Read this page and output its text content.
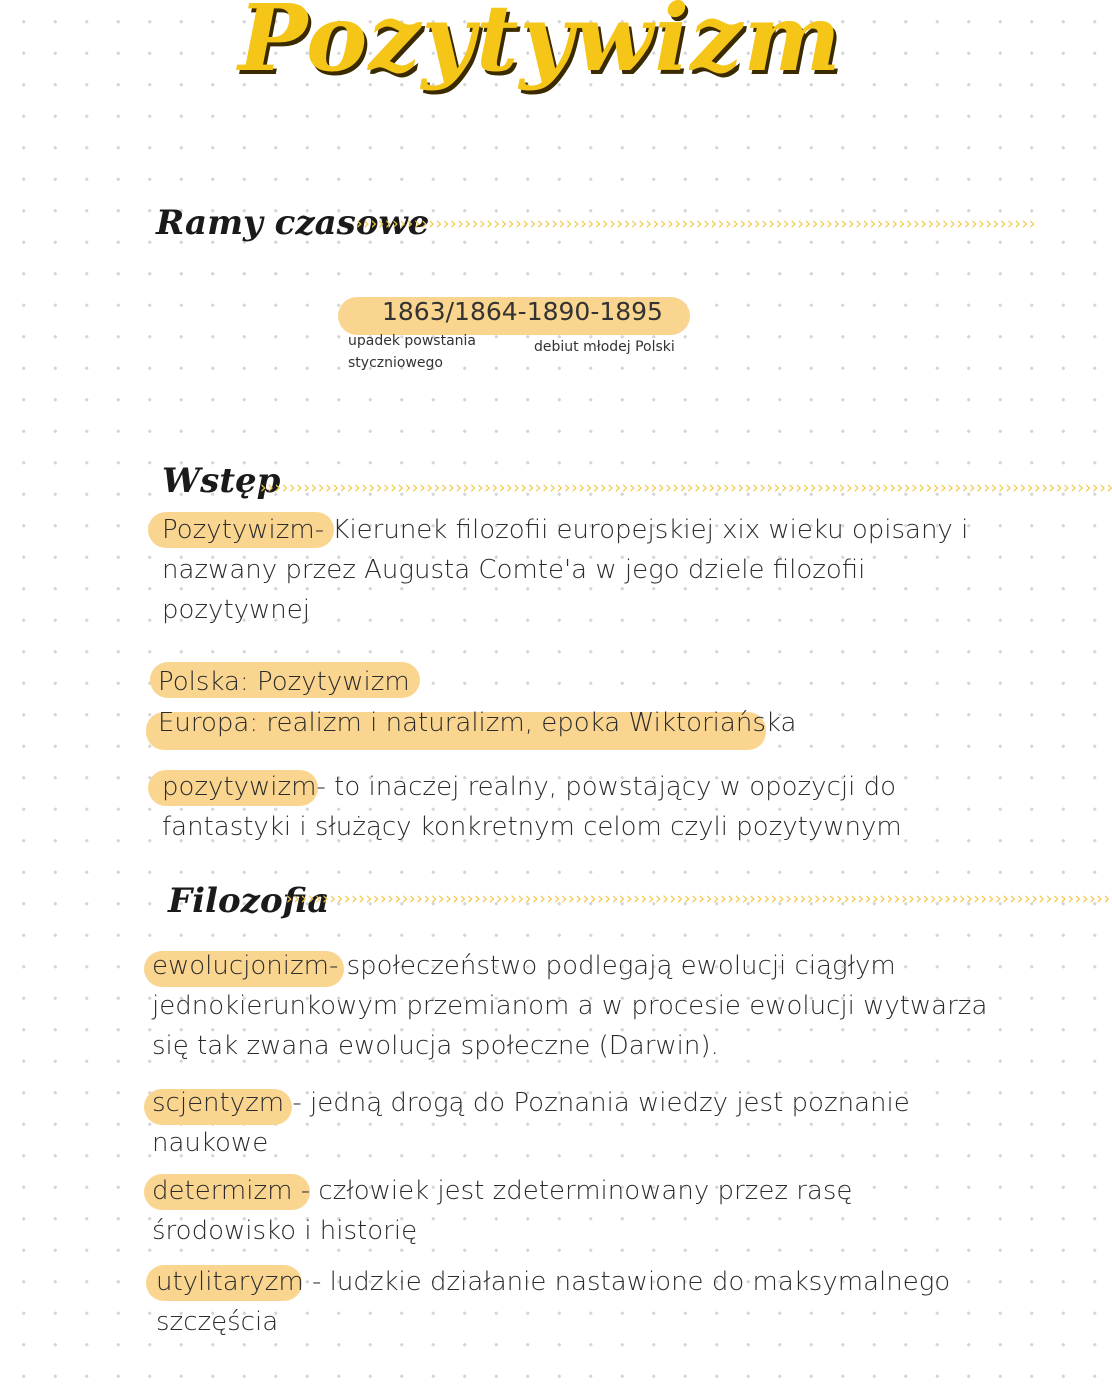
Pozytywizm
Ramy czasowe
››››››››››››››››››››››››››››››››››››››››››››››››››››››››››››››››››››››››››››››››››››››››››››››
1863/1864-1890-1895
upadek powstania
styczniowego
debiut młodej Polski
Wstęp
››››››››››››››››››››››››››››››››››››››››››››››››››››››››››››››››››››››››››››››››››››››››››››››››››››››››››››››››››››››
Pozytywizm- Kierunek filozofii europejskiej xix wieku opisany i
nazwany przez Augusta Comte'a w jego dziele filozofii
pozytywnej
Polska: Pozytywizm
Europa: realizm i naturalizm, epoka Wiktoriańska
pozytywizm- to inaczej realny, powstający w opozycji do
fantastyki i służący konkretnym celom czyli pozytywnym
Filozofia
››››››››››››››››››››››››››››››››››››››››››››››››››››››››››››››››››››››››››››››››››››››››››››››››››››››››››››››››››
ewolucjonizm- społeczeństwo podlegają ewolucji ciągłym
jednokierunkowym przemianom a w procesie ewolucji wytwarza
się tak zwana ewolucja społeczne (Darwin).
scjentyzm - jedną drogą do Poznania wiedzy jest poznanie
naukowe
determizm - człowiek jest zdeterminowany przez rasę
środowisko i historię
utylitaryzm - ludzkie działanie nastawione do maksymalnego
szczęścia
